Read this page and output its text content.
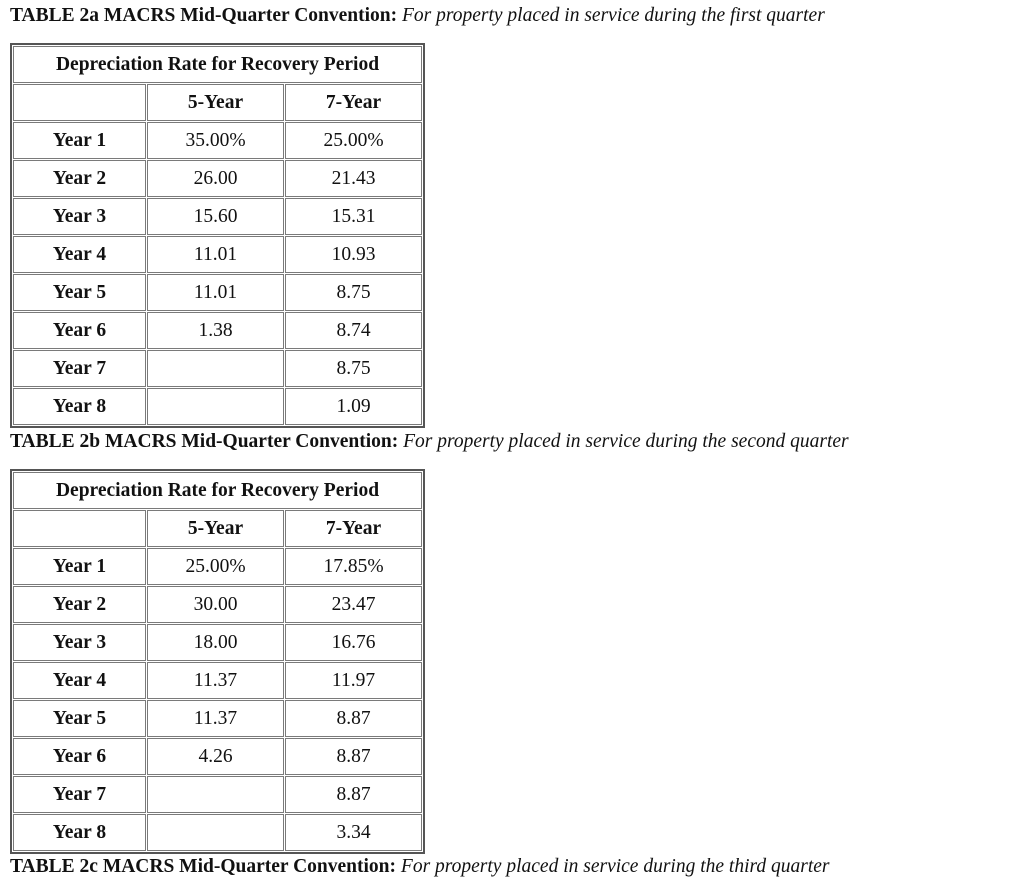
TABLE 2a MACRS Mid-Quarter Convention: For property placed in service during the first quarter
Depreciation Rate for Recovery Period		
	5-Year	7-Year
Year 1	35.00%	25.00%
Year 2	26.00	21.43
Year 3	15.60	15.31
Year 4	11.01	10.93
Year 5	11.01	8.75
Year 6	1.38	8.74
Year 7		8.75
Year 8		1.09
TABLE 2b MACRS Mid-Quarter Convention: For property placed in service during the second quarter
Depreciation Rate for Recovery Period		
	5-Year	7-Year
Year 1	25.00%	17.85%
Year 2	30.00	23.47
Year 3	18.00	16.76
Year 4	11.37	11.97
Year 5	11.37	8.87
Year 6	4.26	8.87
Year 7		8.87
Year 8		3.34
TABLE 2c MACRS Mid-Quarter Convention: For property placed in service during the third quarter
